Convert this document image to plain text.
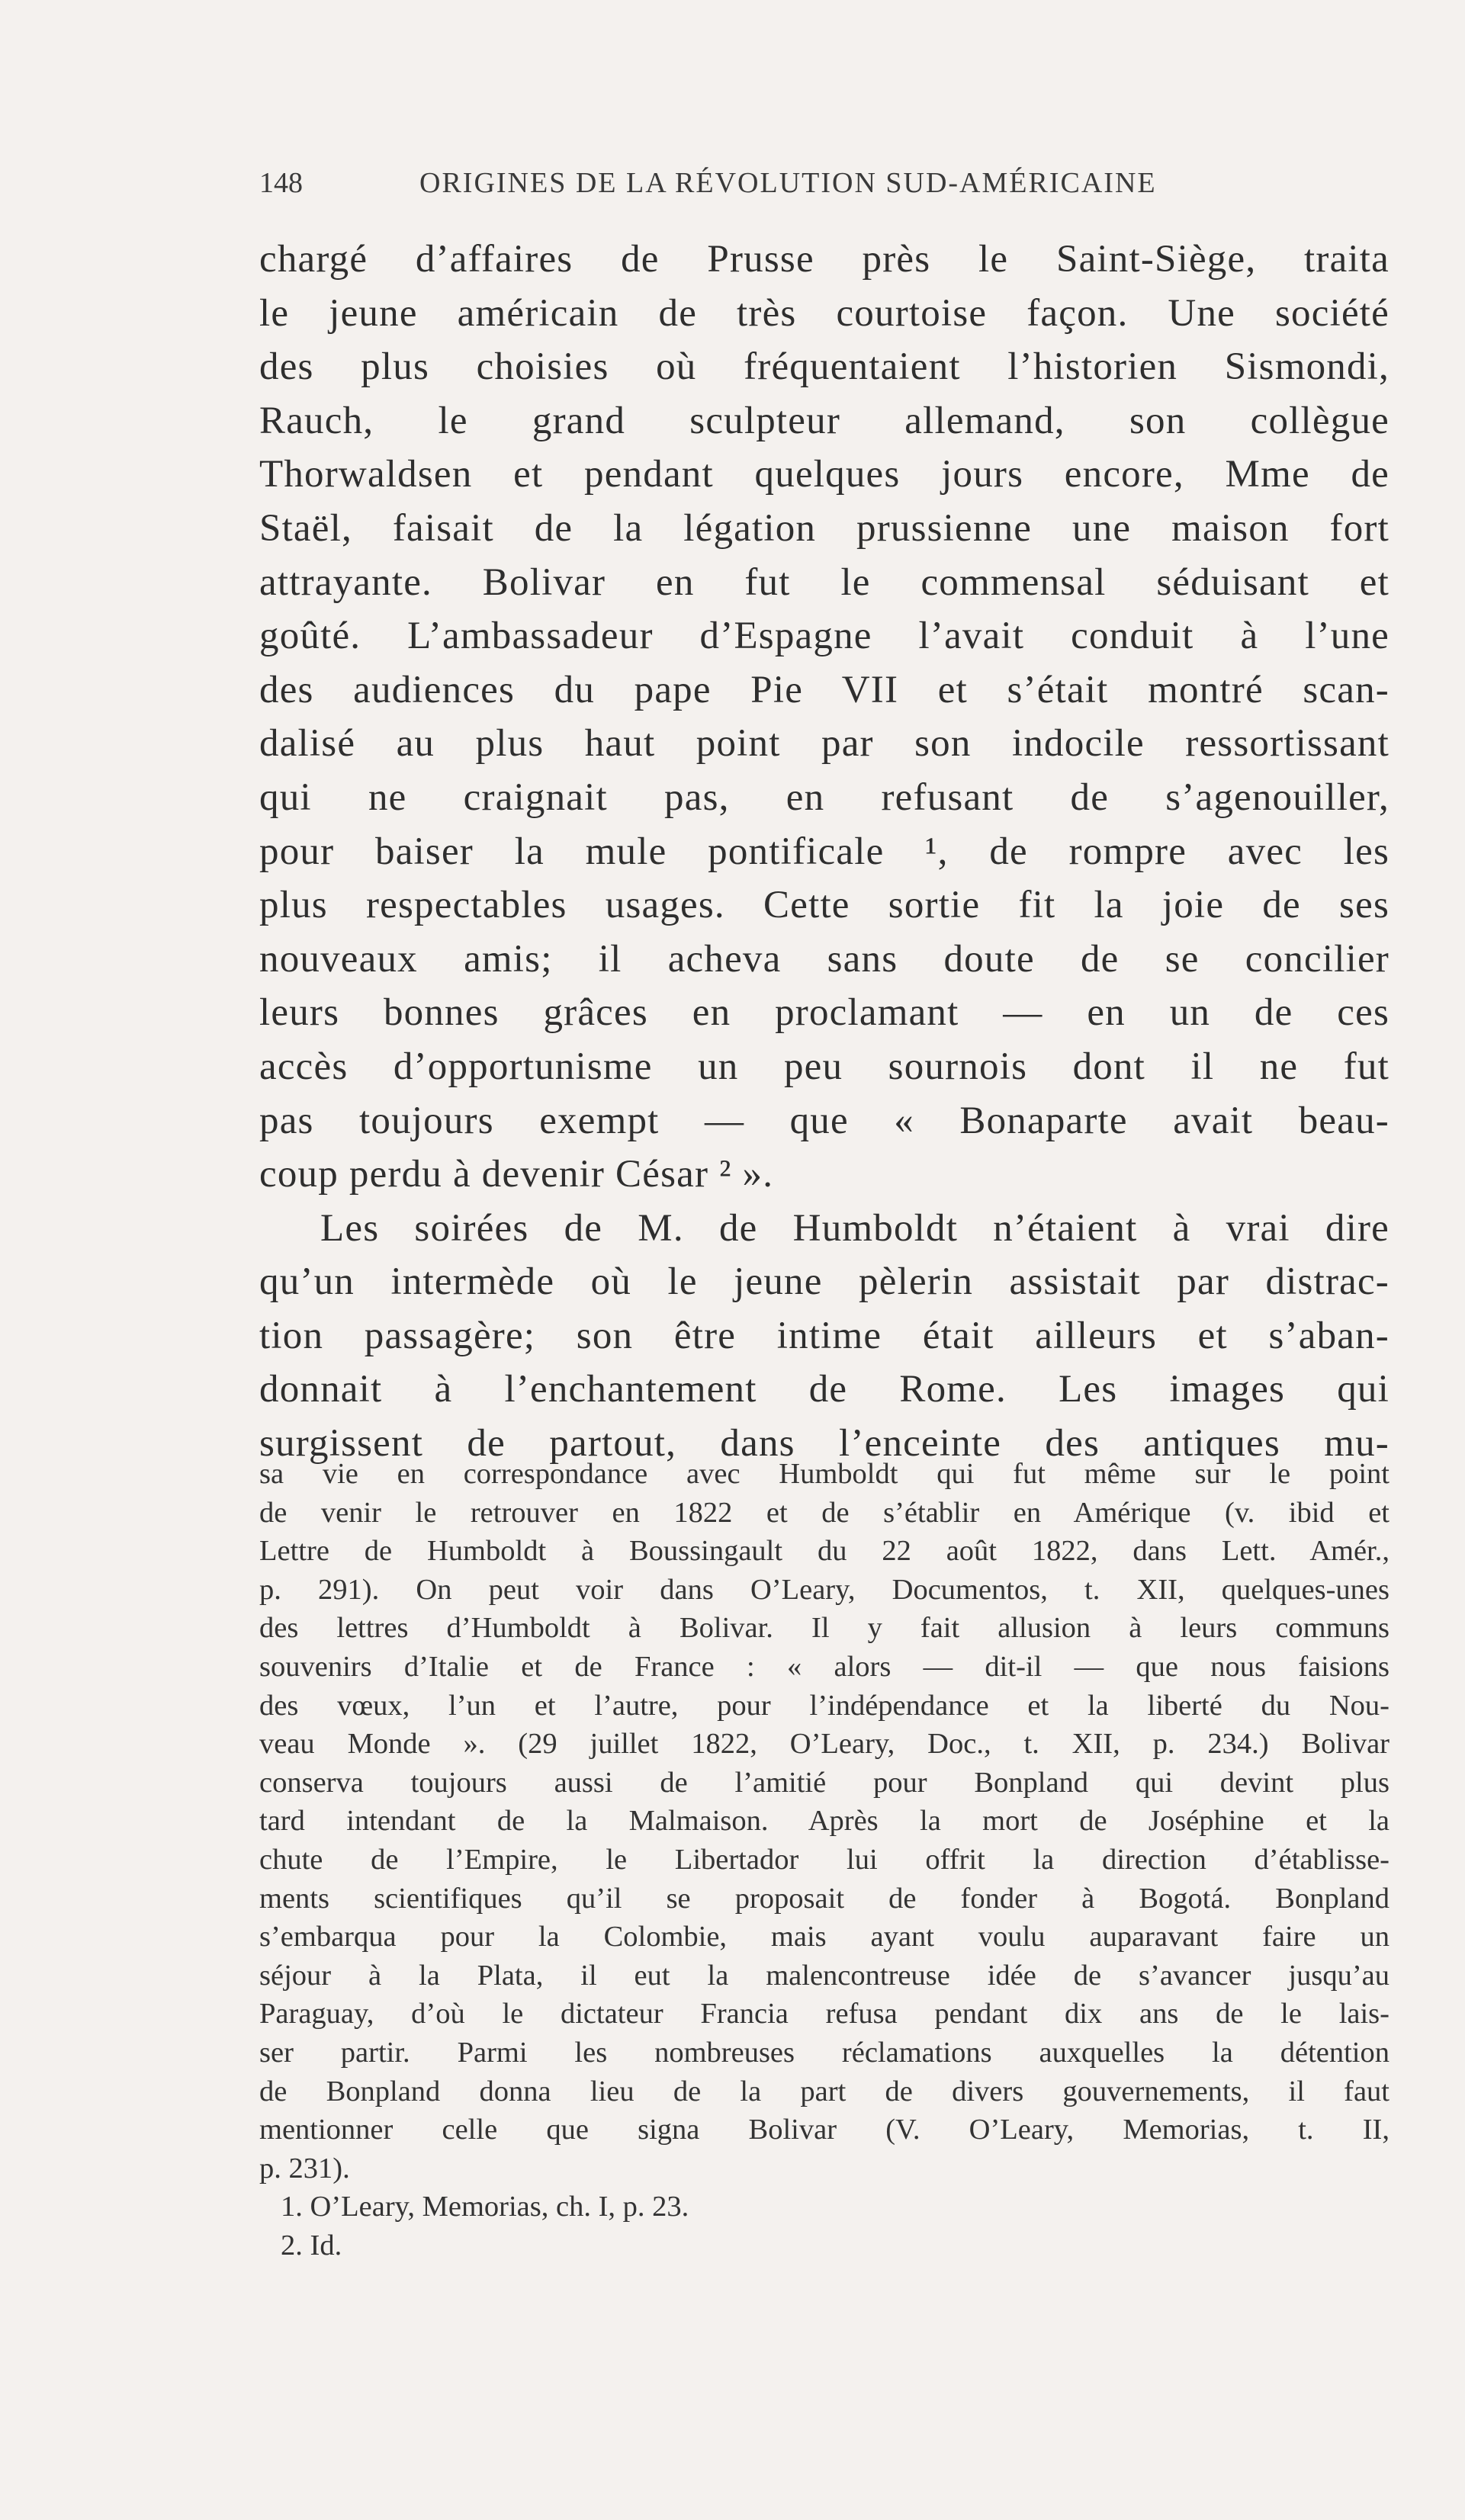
148	ORIGINES DE LA RÉVOLUTION SUD-AMÉRICAINE
chargé d’affaires de Prusse près le Saint-Siège, traita
le jeune américain de très courtoise façon. Une société
des plus choisies où fréquentaient l’historien Sismondi,
Rauch, le grand sculpteur allemand, son collègue
Thorwaldsen et pendant quelques jours encore, Mme de
Staël, faisait de la légation prussienne une maison fort
attrayante. Bolivar en fut le commensal séduisant et
goûté. L’ambassadeur d’Espagne l’avait conduit à l’une
des audiences du pape Pie VII et s’était montré scan-
dalisé au plus haut point par son indocile ressortissant
qui ne craignait pas, en refusant de s’agenouiller,
pour baiser la mule pontificale ¹, de rompre avec les
plus respectables usages. Cette sortie fit la joie de ses
nouveaux amis; il acheva sans doute de se concilier
leurs bonnes grâces en proclamant — en un de ces
accès d’opportunisme un peu sournois dont il ne fut
pas toujours exempt — que « Bonaparte avait beau-
coup perdu à devenir César ² ».
Les soirées de M. de Humboldt n’étaient à vrai dire
qu’un intermède où le jeune pèlerin assistait par distrac-
tion passagère; son être intime était ailleurs et s’aban-
donnait à l’enchantement de Rome. Les images qui
surgissent de partout, dans l’enceinte des antiques mu-
sa vie en correspondance avec Humboldt qui fut même sur le point
de venir le retrouver en 1822 et de s’établir en Amérique (v. ibid et
Lettre de Humboldt à Boussingault du 22 août 1822, dans Lett. Amér.,
p. 291). On peut voir dans O’Leary, Documentos, t. XII, quelques-unes
des lettres d’Humboldt à Bolivar. Il y fait allusion à leurs communs
souvenirs d’Italie et de France : « alors — dit-il — que nous faisions
des vœux, l’un et l’autre, pour l’indépendance et la liberté du Nou-
veau Monde ». (29 juillet 1822, O’Leary, Doc., t. XII, p. 234.) Bolivar
conserva toujours aussi de l’amitié pour Bonpland qui devint plus
tard intendant de la Malmaison. Après la mort de Joséphine et la
chute de l’Empire, le Libertador lui offrit la direction d’établisse-
ments scientifiques qu’il se proposait de fonder à Bogotá. Bonpland
s’embarqua pour la Colombie, mais ayant voulu auparavant faire un
séjour à la Plata, il eut la malencontreuse idée de s’avancer jusqu’au
Paraguay, d’où le dictateur Francia refusa pendant dix ans de le lais-
ser partir. Parmi les nombreuses réclamations auxquelles la détention
de Bonpland donna lieu de la part de divers gouvernements, il faut
mentionner celle que signa Bolivar (V. O’Leary, Memorias, t. II,
p. 231).
1. O’Leary, Memorias, ch. I, p. 23.
2. Id.
